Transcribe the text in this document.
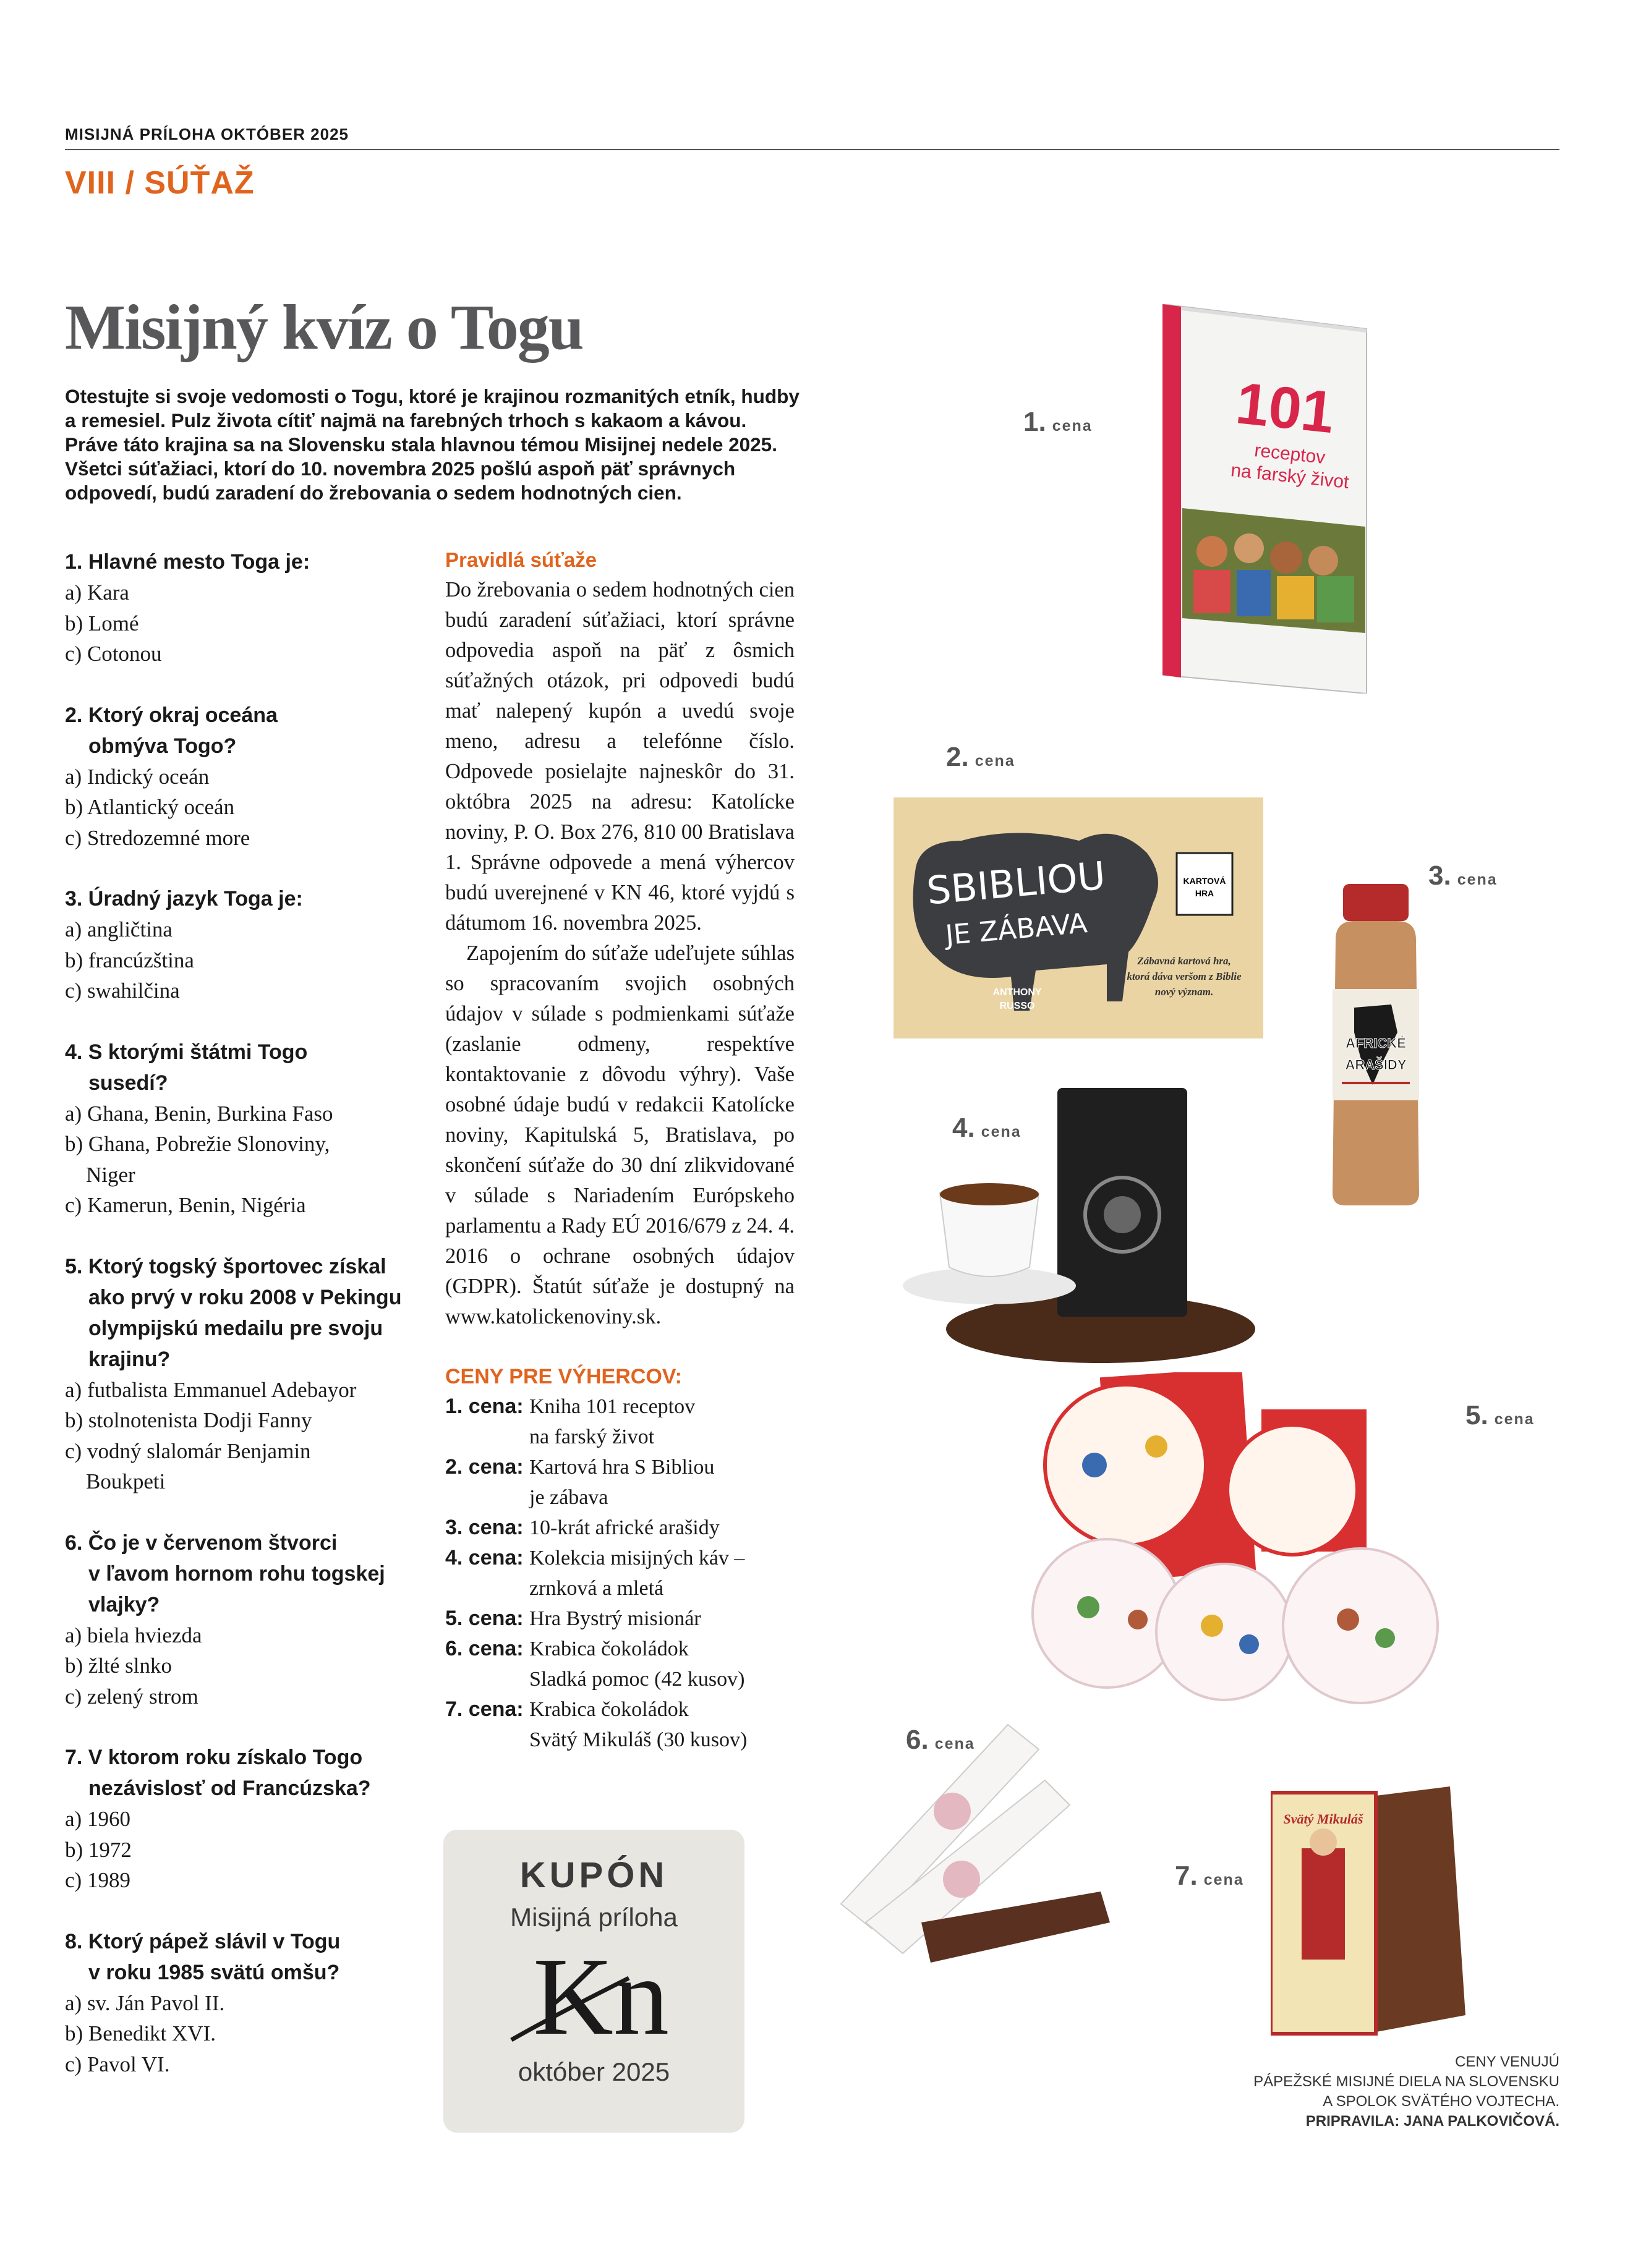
MISIJNÁ PRÍLOHA OKTÓBER 2025
VIII / SÚŤAŽ
Misijný kvíz o Togu
Otestujte si svoje vedomosti o Togu, ktoré je krajinou rozmanitých etník, hudby
a remesiel. Pulz života cítiť najmä na farebných trhoch s kakaom a kávou.
Práve táto krajina sa na Slovensku stala hlavnou témou Misijnej nedele 2025.
Všetci súťažiaci, ktorí do 10. novembra 2025 pošlú aspoň päť správnych
odpovedí, budú zaradení do žrebovania o sedem hodnotných cien.
1. Hlavné mesto Toga je:
a) Kara
b) Lomé
c) Cotonou
2. Ktorý okraj oceána
obmýva Togo?
a) Indický oceán
b) Atlantický oceán
c) Stredozemné more
3. Úradný jazyk Toga je:
a) angličtina
b) francúzština
c) swahilčina
4. S ktorými štátmi Togo
susedí?
a) Ghana, Benin, Burkina Faso
b) Ghana, Pobrežie Slonoviny,
Niger
c) Kamerun, Benin, Nigéria
5. Ktorý togský športovec získal
ako prvý v roku 2008 v Pekingu
olympijskú medailu pre svoju
krajinu?
a) futbalista Emmanuel Adebayor
b) stolnotenista Dodji Fanny
c) vodný slalomár Benjamin
Boukpeti
6. Čo je v červenom štvorci
v ľavom hornom rohu togskej
vlajky?
a) biela hviezda
b) žlté slnko
c) zelený strom
7. V ktorom roku získalo Togo
nezávislosť od Francúzska?
a) 1960
b) 1972
c) 1989
8. Ktorý pápež slávil v Togu
v roku 1985 svätú omšu?
a) sv. Ján Pavol II.
b) Benedikt XVI.
c) Pavol VI.
Pravidlá súťaže
Do žrebovania o sedem hodnotných cien budú zaradení súťažiaci, ktorí správne odpovedia aspoň na päť z ôsmich súťažných otázok, pri odpovedi budú mať nalepený kupón a uvedú svoje meno, adresu a telefónne číslo. Odpovede posielajte najneskôr do 31. októbra 2025 na adresu: Katolícke noviny, P. O. Box 276, 810 00 Bratislava 1. Správne odpovede a mená výhercov budú uverejnené v KN 46, ktoré vyjdú s dátumom 16. novembra 2025.
Zapojením do súťaže udeľujete súhlas so spracovaním svojich osobných údajov v súlade s podmienkami súťaže (zaslanie odmeny, respektíve kontaktovanie z dôvodu výhry). Vaše osobné údaje budú v redakcii Katolícke noviny, Kapitulská 5, Bratislava, po skončení súťaže do 30 dní zlikvidované v súlade s Nariadením Európskeho parlamentu a Rady EÚ 2016/679 z 24. 4. 2016 o ochrane osobných údajov (GDPR). Štatút súťaže je dostupný na www.katolickenoviny.sk.
CENY PRE VÝHERCOV:
1. cena: Kniha 101 receptov
na farský život
2. cena: Kartová hra S Bibliou
je zábava
3. cena: 10-krát africké arašidy
4. cena: Kolekcia misijných káv –
zrnková a mletá
5. cena: Hra Bystrý misionár
6. cena: Krabica čokoládok
Sladká pomoc (42 kusov)
7. cena: Krabica čokoládok
Svätý Mikuláš (30 kusov)
KUPÓN
Misijná príloha
Kn
október 2025
1. cena 101
receptov
na farský život
2. cena
SBIBLIOU
JE ZÁBAVA
ANTHONY
RUSSO
KARTOVÁ
HRA
Zábavná kartová hra,
ktorá dáva veršom z Biblie
nový význam.
3. cena
AFRICKÉ
ARAŠIDY
4. cena
5. cena
6. cena
7. cena
Svätý Mikuláš
CENY VENUJÚ
PÁPEŽSKÉ MISIJNÉ DIELA NA SLOVENSKU
A SPOLOK SVÄTÉHO VOJTECHA.
PRIPRAVILA: JANA PALKOVIČOVÁ.
